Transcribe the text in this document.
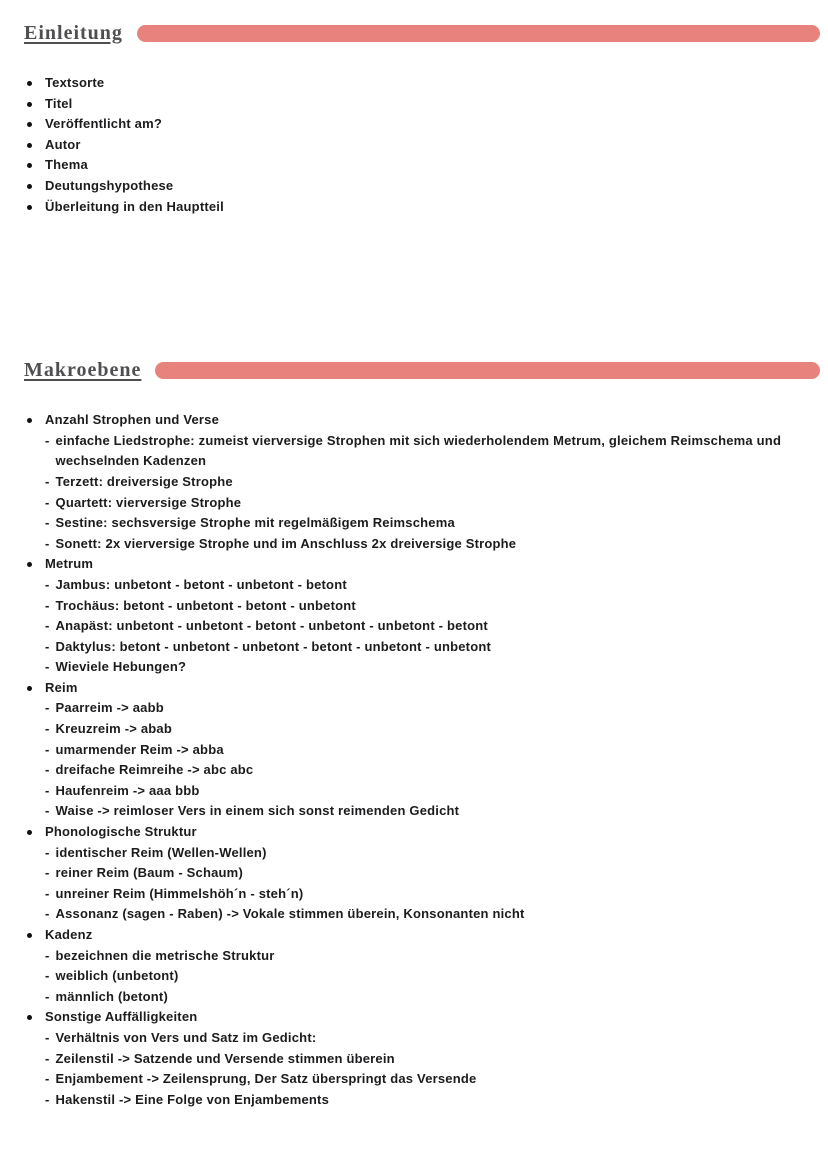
Einleitung
Textsorte
Titel
Veröffentlicht am?
Autor
Thema
Deutungshypothese
Überleitung in den Hauptteil
Makroebene
Anzahl Strophen und Verse
- einfache Liedstrophe: zumeist vierversige Strophen mit sich wiederholendem Metrum, gleichem Reimschema und wechselnden Kadenzen
- Terzett: dreiversige Strophe
- Quartett: vierversige Strophe
- Sestine: sechsversige Strophe mit regelmäßigem Reimschema
- Sonett: 2x vierversige Strophe und im Anschluss 2x dreiversige Strophe
Metrum
- Jambus: unbetont - betont - unbetont - betont
- Trochäus: betont - unbetont - betont - unbetont
- Anapäst: unbetont - unbetont - betont - unbetont - unbetont - betont
- Daktylus: betont - unbetont - unbetont - betont - unbetont - unbetont
- Wieviele Hebungen?
Reim
- Paarreim -> aabb
- Kreuzreim -> abab
- umarmender Reim -> abba
- dreifache Reimreihe -> abc abc
- Haufenreim -> aaa bbb
- Waise -> reimloser Vers in einem sich sonst reimenden Gedicht
Phonologische Struktur
- identischer Reim (Wellen-Wellen)
- reiner Reim (Baum - Schaum)
- unreiner Reim (Himmelshöh´n - steh´n)
- Assonanz (sagen - Raben) -> Vokale stimmen überein, Konsonanten nicht
Kadenz
- bezeichnen die metrische Struktur
- weiblich (unbetont)
- männlich (betont)
Sonstige Auffälligkeiten
- Verhältnis von Vers und Satz im Gedicht:
- Zeilenstil -> Satzende und Versende stimmen überein
- Enjambement -> Zeilensprung, Der Satz überspringt das Versende
- Hakenstil -> Eine Folge von Enjambements
